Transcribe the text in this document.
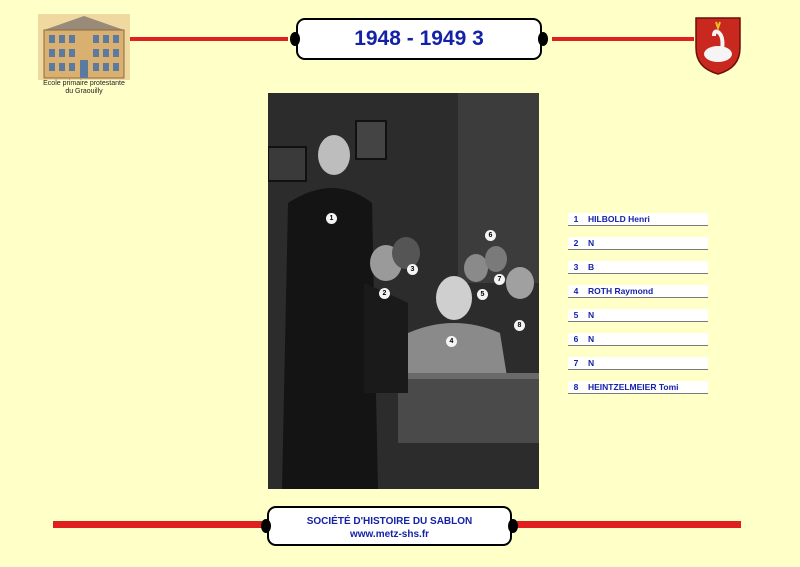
Ecole primaire protestante
du Graouilly
1948 - 1949 3
1
2
3
4
5
6
7
8
1	HILBOLD Henri
2	N
3	B
4	ROTH Raymond
5	N
6	N
7	N
8	HEINTZELMEIER Tomi
SOCIÉTÉ D'HISTOIRE DU SABLON
www.metz-shs.fr
